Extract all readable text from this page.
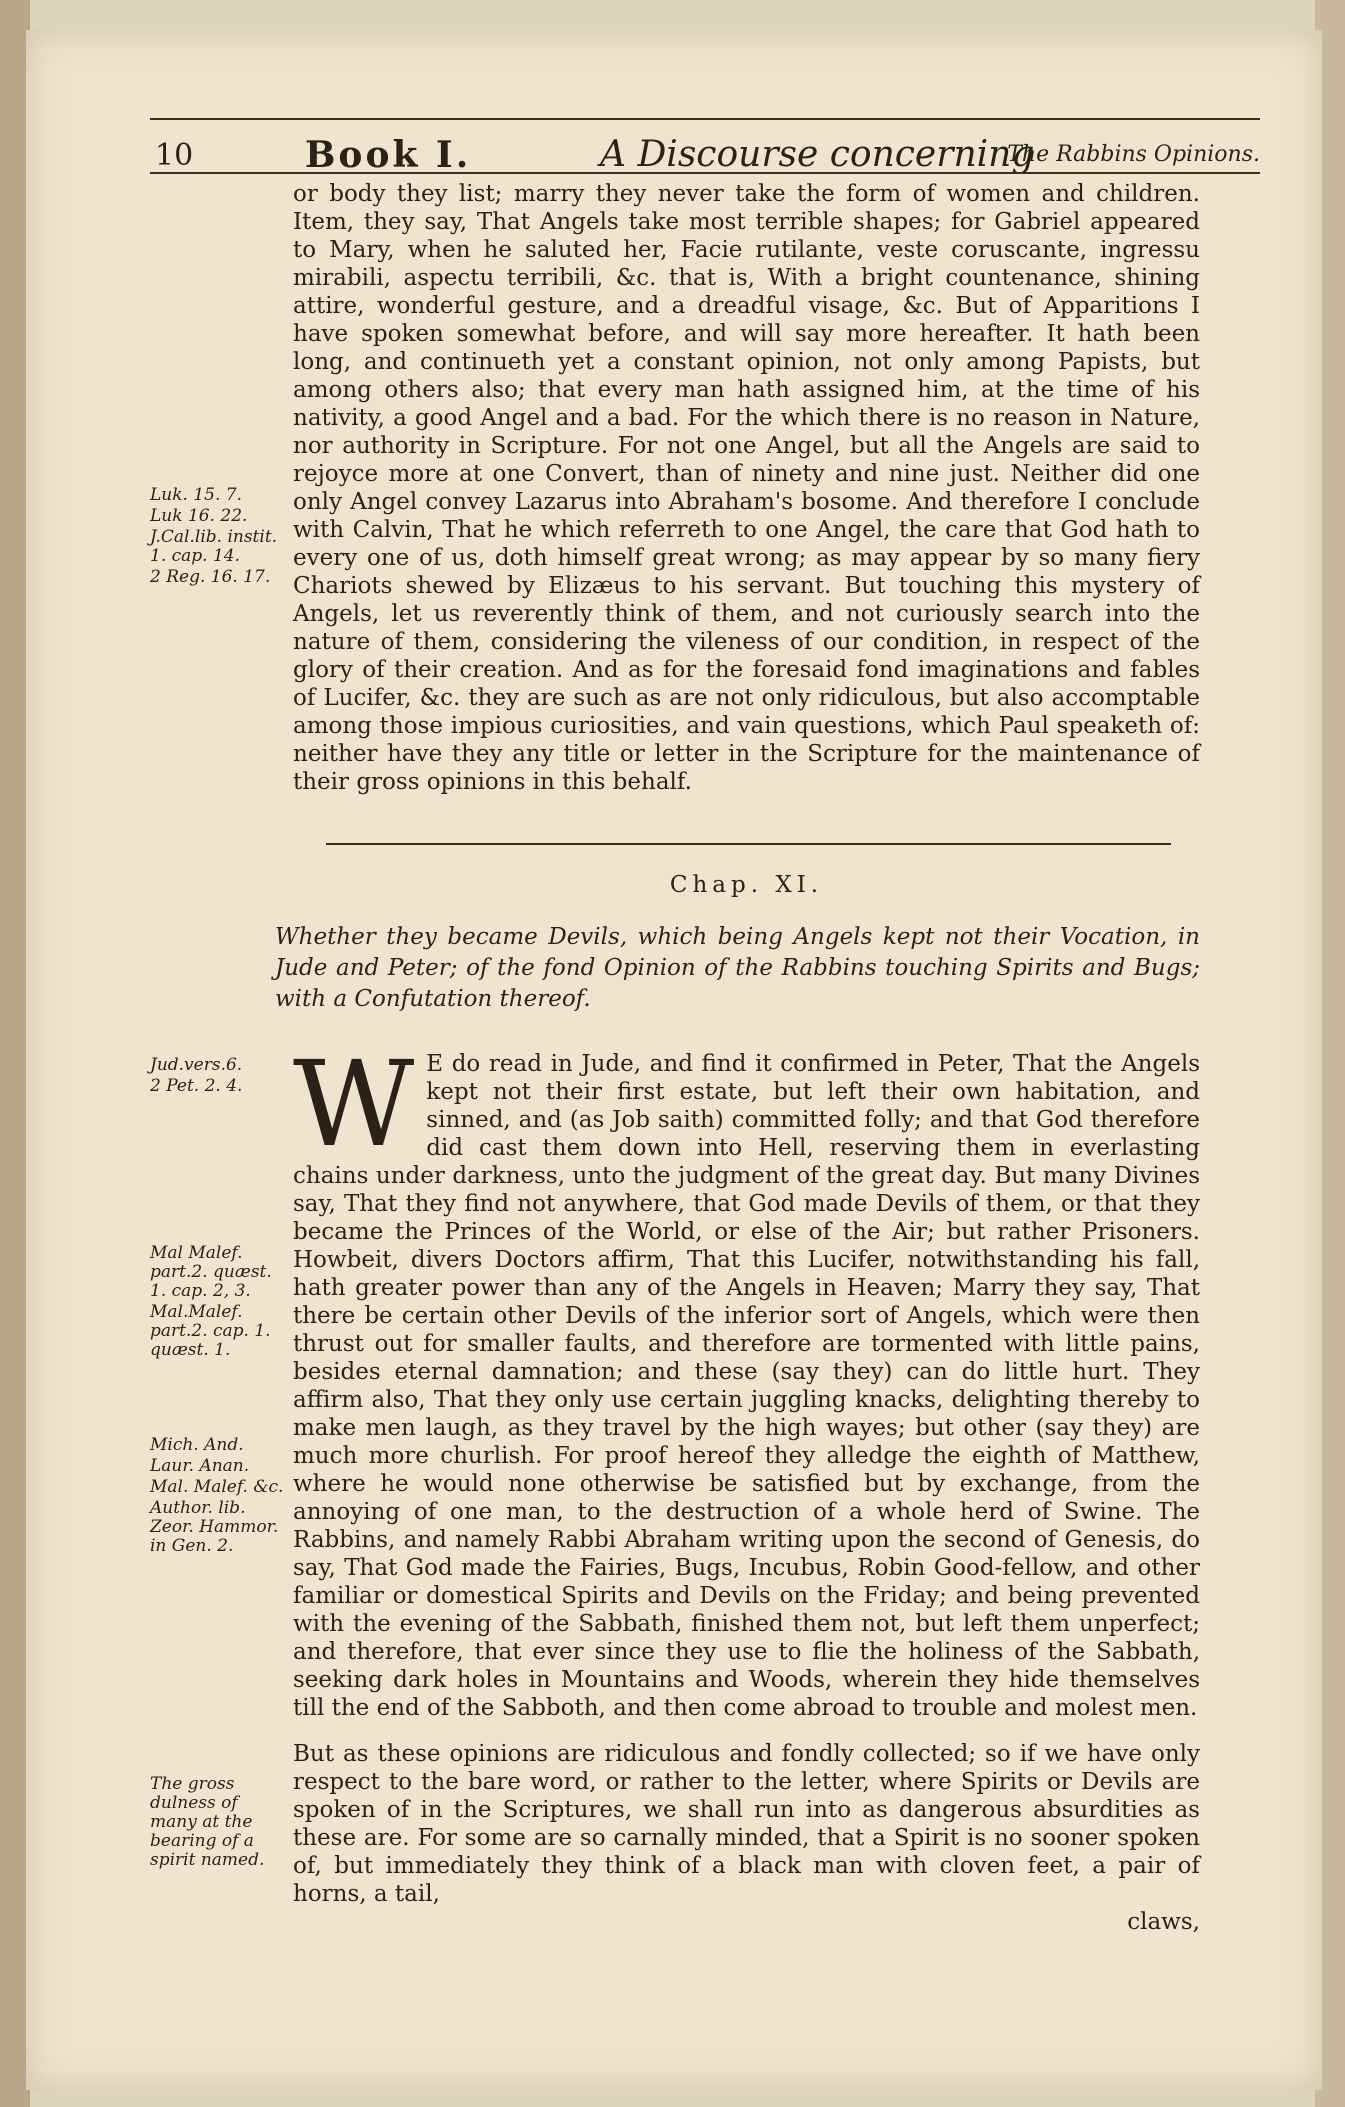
10	Book I.	A Discourse concerning
The Rabbins Opinions.
or body they list; marry they never take the form of women and children. Item, they say, That Angels take most terrible shapes; for Gabriel appeared to Mary, when he saluted her, Facie rutilante, veste coruscante, ingressu mirabili, aspectu terribili, &c. that is, With a bright countenance, shining attire, wonderful gesture, and a dreadful visage, &c. But of Apparitions I have spoken somewhat before, and will say more hereafter. It hath been long, and continueth yet a constant opinion, not only among Papists, but among others also; that every man hath assigned him, at the time of his nativity, a good Angel and a bad. For the which there is no reason in Nature, nor authority in Scripture. For not one Angel, but all the Angels are said to rejoyce more at one Convert, than of ninety and nine just. Neither did one only Angel convey Lazarus into Abraham's bosome. And therefore I conclude with Calvin, That he which referreth to one Angel, the care that God hath to every one of us, doth himself great wrong; as may appear by so many fiery Chariots shewed by Elizæus to his servant. But touching this mystery of Angels, let us reverently think of them, and not curiously search into the nature of them, considering the vileness of our condition, in respect of the glory of their creation. And as for the foresaid fond imaginations and fables of Lucifer, &c. they are such as are not only ridiculous, but also accomptable among those impious curiosities, and vain questions, which Paul speaketh of: neither have they any title or letter in the Scripture for the maintenance of their gross opinions in this behalf.
Luk. 15. 7.
Luk 16. 22.
J.Cal.lib. instit. 1. cap. 14.
2 Reg. 16. 17.
Chap. XI.
Whether they became Devils, which being Angels kept not their Vocation, in Jude and Peter; of the fond Opinion of the Rabbins touching Spirits and Bugs; with a Confutation thereof.
W E do read in Jude, and find it confirmed in Peter, That the Angels kept not their first estate, but left their own habitation, and sinned, and (as Job saith) committed folly; and that God therefore did cast them down into Hell, reserving them in everlasting chains under darkness, unto the judgment of the great day. But many Divines say, That they find not anywhere, that God made Devils of them, or that they became the Princes of the World, or else of the Air; but rather Prisoners. Howbeit, divers Doctors affirm, That this Lucifer, notwithstanding his fall, hath greater power than any of the Angels in Heaven; Marry they say, That there be certain other Devils of the inferior sort of Angels, which were then thrust out for smaller faults, and therefore are tormented with little pains, besides eternal damnation; and these (say they) can do little hurt. They affirm also, That they only use certain juggling knacks, delighting thereby to make men laugh, as they travel by the high wayes; but other (say they) are much more churlish. For proof hereof they alledge the eighth of Matthew, where he would none otherwise be satisfied but by exchange, from the annoying of one man, to the destruction of a whole herd of Swine. The Rabbins, and namely Rabbi Abraham writing upon the second of Genesis, do say, That God made the Fairies, Bugs, Incubus, Robin Good-fellow, and other familiar or domestical Spirits and Devils on the Friday; and being prevented with the evening of the Sabbath, finished them not, but left them unperfect; and therefore, that ever since they use to flie the holiness of the Sabbath, seeking dark holes in Mountains and Woods, wherein they hide themselves till the end of the Sabboth, and then come abroad to trouble and molest men.
Jud.vers.6.
2 Pet. 2. 4.
Mal Malef. part.2. quæst. 1. cap. 2, 3.
Mal.Malef. part.2. cap. 1. quæst. 1.
Mich. And.
Laur. Anan.
Mal. Malef. &c.
Author. lib. Zeor. Hammor. in Gen. 2.
But as these opinions are ridiculous and fondly collected; so if we have only respect to the bare word, or rather to the letter, where Spirits or Devils are spoken of in the Scriptures, we shall run into as dangerous absurdities as these are. For some are so carnally minded, that a Spirit is no sooner spoken of, but immediately they think of a black man with cloven feet, a pair of horns, a tail,
claws,
The gross dulness of many at the bearing of a spirit named.
